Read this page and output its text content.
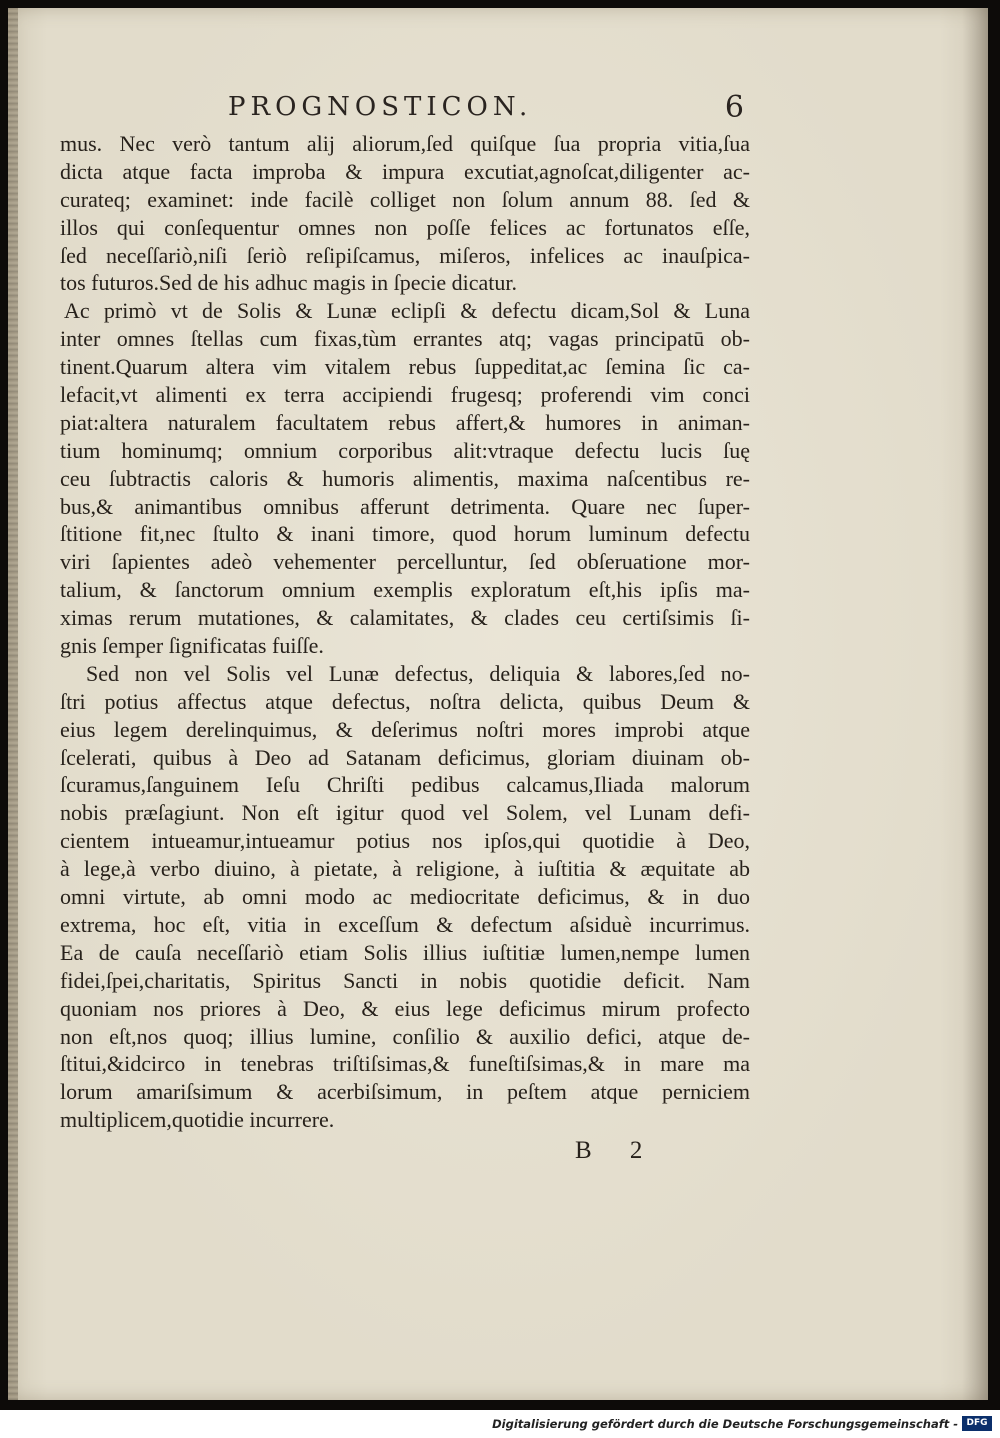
PROGNOSTICON.	6
mus. Nec verò tantum alij aliorum,ſed quiſque ſua propria vitia,ſua
dicta atque facta improba & impura excutiat,agnoſcat,diligenter ac-
curateq; examinet: inde facilè colliget non ſolum annum 88. ſed &
illos qui conſequentur omnes non poſſe felices ac fortunatos eſſe,
ſed neceſſariò,niſi ſeriò reſipiſcamus, miſeros, infelices ac inauſpica-
tos futuros.Sed de his adhuc magis in ſpecie dicatur.
Ac primò vt de Solis & Lunæ eclipſi & defectu dicam,Sol & Luna
inter omnes ſtellas cum fixas,tùm errantes atq; vagas principatū ob-
tinent.Quarum altera vim vitalem rebus ſuppeditat,ac ſemina ſic ca-
lefacit,vt alimenti ex terra accipiendi frugesq; proferendi vim conci
piat:altera naturalem facultatem rebus affert,& humores in animan-
tium hominumq; omnium corporibus alit:vtraque defectu lucis ſuę
ceu ſubtractis caloris & humoris alimentis, maxima naſcentibus re-
bus,& animantibus omnibus afferunt detrimenta. Quare nec ſuper-
ſtitione fit,nec ſtulto & inani timore, quod horum luminum defectu
viri ſapientes adeò vehementer percelluntur, ſed obſeruatione mor-
talium, & ſanctorum omnium exemplis exploratum eſt,his ipſis ma-
ximas rerum mutationes, & calamitates, & clades ceu certiſsimis ſi-
gnis ſemper ſignificatas fuiſſe.
Sed non vel Solis vel Lunæ defectus, deliquia & labores,ſed no-
ſtri potius affectus atque defectus, noſtra delicta, quibus Deum &
eius legem derelinquimus, & deſerimus noſtri mores improbi atque
ſcelerati, quibus à Deo ad Satanam deficimus, gloriam diuinam ob-
ſcuramus,ſanguinem Ieſu Chriſti pedibus calcamus,Iliada malorum
nobis præſagiunt. Non eſt igitur quod vel Solem, vel Lunam defi-
cientem intueamur,intueamur potius nos ipſos,qui quotidie à Deo,
à lege,à verbo diuino, à pietate, à religione, à iuſtitia & æquitate ab
omni virtute, ab omni modo ac mediocritate deficimus, & in duo
extrema, hoc eſt, vitia in exceſſum & defectum aſsiduè incurrimus.
Ea de cauſa neceſſariò etiam Solis illius iuſtitiæ lumen,nempe lumen
fidei,ſpei,charitatis, Spiritus Sancti in nobis quotidie deficit. Nam
quoniam nos priores à Deo, & eius lege deficimus mirum profecto
non eſt,nos quoq; illius lumine, conſilio & auxilio defici, atque de-
ſtitui,&idcirco in tenebras triſtiſsimas,& funeſtiſsimas,& in mare ma
lorum amariſsimum & acerbiſsimum, in peſtem atque perniciem
multiplicem,quotidie incurrere.
B 2
Digitalisierung gefördert durch die Deutsche Forschungsgemeinschaft - DFG
